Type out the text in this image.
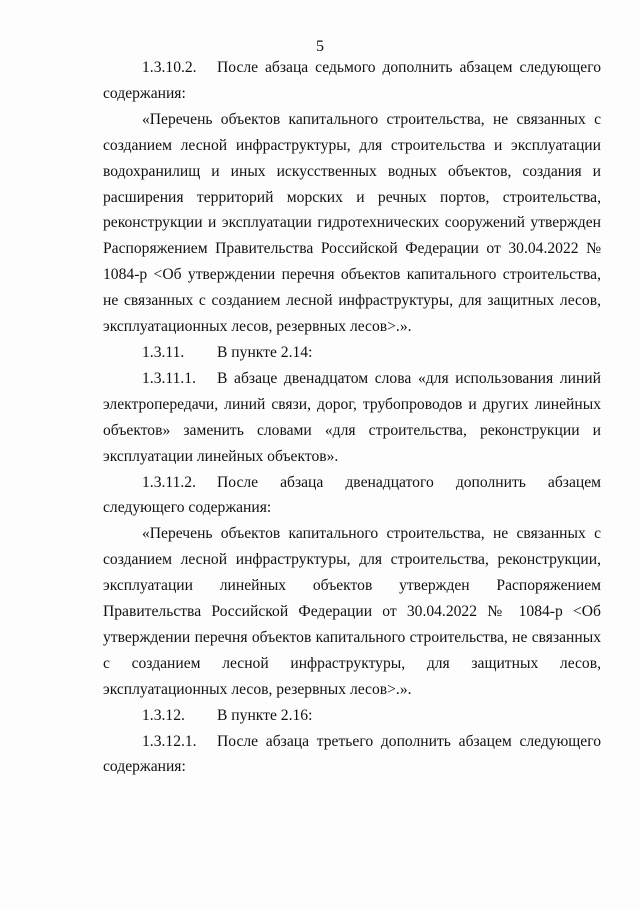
5

1.3.10.2. После абзаца седьмого дополнить абзацем следующего содержания:

«Перечень объектов капитального строительства, не связанных с созданием лесной инфраструктуры, для строительства и эксплуатации водохранилищ и иных искусственных водных объектов, создания и расширения территорий морских и речных портов, строительства, реконструкции и эксплуатации гидротехнических сооружений утвержден Распоряжением Правительства Российской Федерации от 30.04.2022 № 1084-р <Об утверждении перечня объектов капитального строительства, не связанных с созданием лесной инфраструктуры, для защитных лесов, эксплуатационных лесов, резервных лесов>.».

1.3.11. В пункте 2.14:

1.3.11.1. В абзаце двенадцатом слова «для использования линий электропередачи, линий связи, дорог, трубопроводов и других линейных объектов» заменить словами «для строительства, реконструкции и эксплуатации линейных объектов».

1.3.11.2. После абзаца двенадцатого дополнить абзацем следующего содержания:

«Перечень объектов капитального строительства, не связанных с созданием лесной инфраструктуры, для строительства, реконструкции, эксплуатации линейных объектов утвержден Распоряжением Правительства Российской Федерации от 30.04.2022 № 1084-р <Об утверждении перечня объектов капитального строительства, не связанных с созданием лесной инфраструктуры, для защитных лесов, эксплуатационных лесов, резервных лесов>.».

1.3.12. В пункте 2.16:

1.3.12.1. После абзаца третьего дополнить абзацем следующего содержания:
